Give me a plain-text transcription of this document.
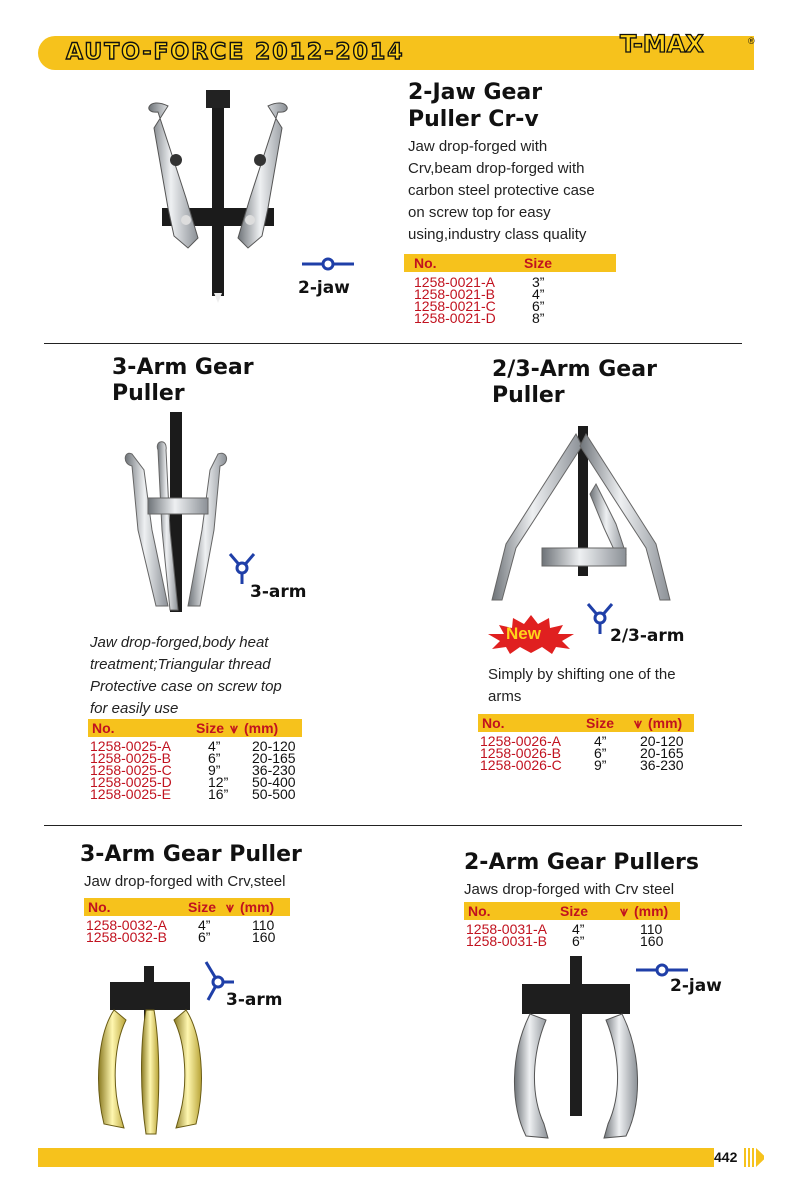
AUTO-FORCE 2012-2014	T-MAX	®
2-jaw
2-Jaw Gear
Puller Cr-v
Jaw drop-forged with
Crv,beam drop-forged with
carbon steel protective case
on screw top for easy
using,industry class quality
No.	Size
1258-0021-A	3”
1258-0021-B	4”
1258-0021-C	6”
1258-0021-D	8”
3-Arm Gear
Puller
3-arm
Jaw drop-forged,body heat
treatment;Triangular thread
Protective case on screw top
for easily use
No.	Size ⩛ (mm)
1258-0025-A	4” 20-120
1258-0025-B	6” 20-165
1258-0025-C	9” 36-230
1258-0025-D	12” 50-400
1258-0025-E	16” 50-500
2/3-Arm Gear
Puller
New	2/3-arm
Simply by shifting one of the
arms
No.	Size ⩛ (mm)
1258-0026-A 4” 20-120
1258-0026-B 6” 20-165
1258-0026-C 9” 36-230
3-Arm Gear Puller
Jaw drop-forged with Crv,steel
No.	Size ⩛ (mm)
1258-0032-A 4”	110
1258-0032-B 6”	160
3-arm
2-Arm Gear Pullers
Jaws drop-forged with Crv steel
No.	Size ⩛ (mm)
1258-0031-A 4”	110
1258-0031-B 6”	160
2-jaw
442
